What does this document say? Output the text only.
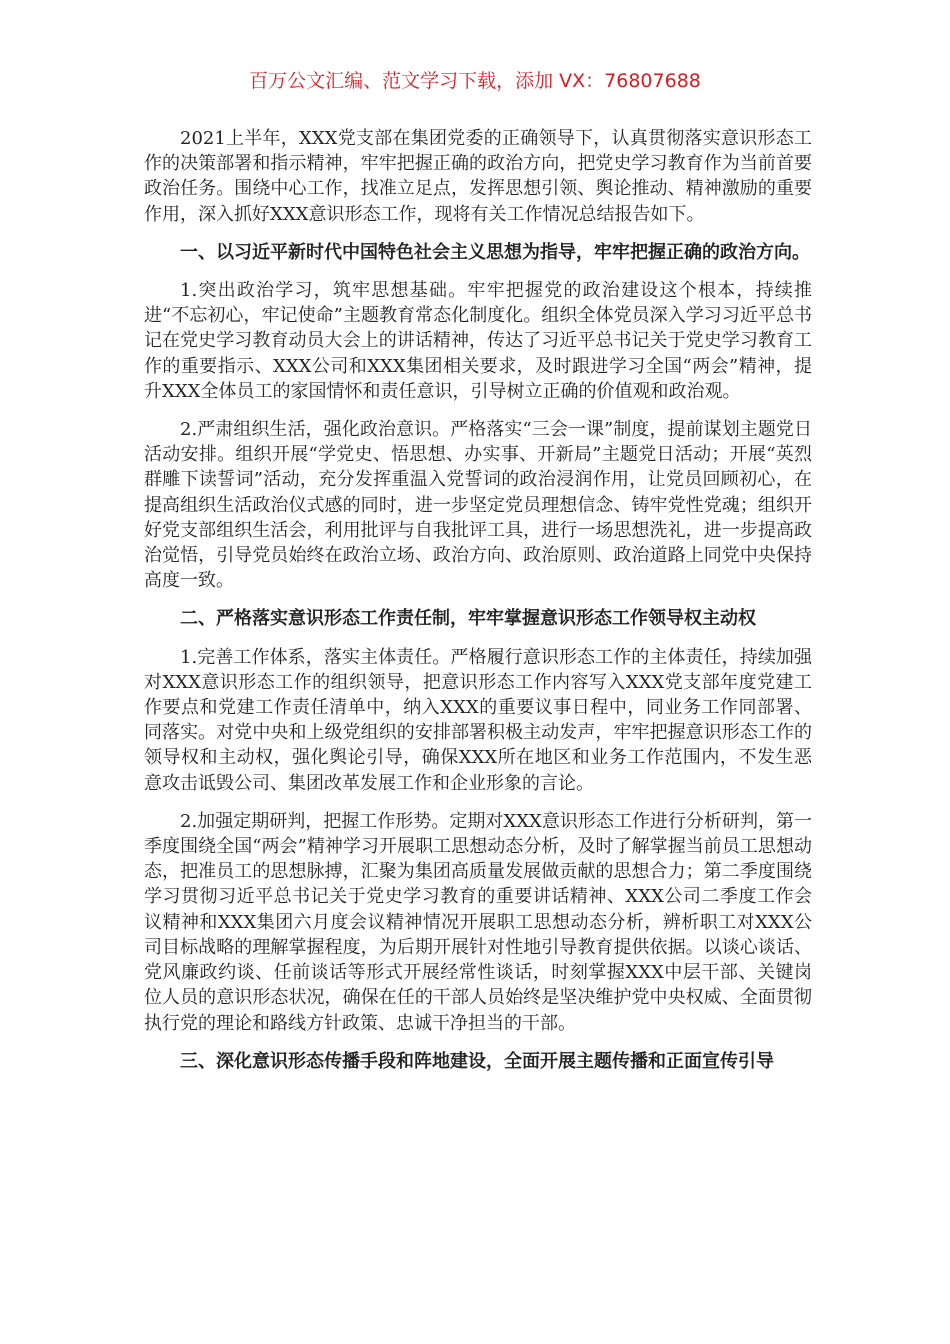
百万公文汇编、范文学习下载，添加 VX：76807688

2021上半年，XXX党支部在集团党委的正确领导下，认真贯彻落实意识形态工作的决策部署和指示精神，牢牢把握正确的政治方向，把党史学习教育作为当前首要政治任务。围绕中心工作，找准立足点，发挥思想引领、舆论推动、精神激励的重要作用，深入抓好XXX意识形态工作，现将有关工作情况总结报告如下。

一、以习近平新时代中国特色社会主义思想为指导，牢牢把握正确的政治方向。

1.突出政治学习，筑牢思想基础。牢牢把握党的政治建设这个根本，持续推进“不忘初心，牢记使命”主题教育常态化制度化。组织全体党员深入学习习近平总书记在党史学习教育动员大会上的讲话精神，传达了习近平总书记关于党史学习教育工作的重要指示、XXX公司和XXX集团相关要求，及时跟进学习全国“两会”精神，提升XXX全体员工的家国情怀和责任意识，引导树立正确的价值观和政治观。

2.严肃组织生活，强化政治意识。严格落实“三会一课”制度，提前谋划主题党日活动安排。组织开展“学党史、悟思想、办实事、开新局”主题党日活动；开展“英烈群雕下读誓词”活动，充分发挥重温入党誓词的政治浸润作用，让党员回顾初心，在提高组织生活政治仪式感的同时，进一步坚定党员理想信念、铸牢党性党魂；组织开好党支部组织生活会，利用批评与自我批评工具，进行一场思想洗礼，进一步提高政治觉悟，引导党员始终在政治立场、政治方向、政治原则、政治道路上同党中央保持高度一致。

二、严格落实意识形态工作责任制，牢牢掌握意识形态工作领导权主动权

1.完善工作体系，落实主体责任。严格履行意识形态工作的主体责任，持续加强对XXX意识形态工作的组织领导，把意识形态工作内容写入XXX党支部年度党建工作要点和党建工作责任清单中，纳入XXX的重要议事日程中，同业务工作同部署、同落实。对党中央和上级党组织的安排部署积极主动发声，牢牢把握意识形态工作的领导权和主动权，强化舆论引导，确保XXX所在地区和业务工作范围内，不发生恶意攻击诋毁公司、集团改革发展工作和企业形象的言论。

2.加强定期研判，把握工作形势。定期对XXX意识形态工作进行分析研判，第一季度围绕全国“两会”精神学习开展职工思想动态分析，及时了解掌握当前员工思想动态，把准员工的思想脉搏，汇聚为集团高质量发展做贡献的思想合力；第二季度围绕学习贯彻习近平总书记关于党史学习教育的重要讲话精神、XXX公司二季度工作会议精神和XXX集团六月度会议精神情况开展职工思想动态分析，辨析职工对XXX公司目标战略的理解掌握程度，为后期开展针对性地引导教育提供依据。以谈心谈话、党风廉政约谈、任前谈话等形式开展经常性谈话，时刻掌握XXX中层干部、关键岗位人员的意识形态状况，确保在任的干部人员始终是坚决维护党中央权威、全面贯彻执行党的理论和路线方针政策、忠诚干净担当的干部。

三、深化意识形态传播手段和阵地建设，全面开展主题传播和正面宣传引导
